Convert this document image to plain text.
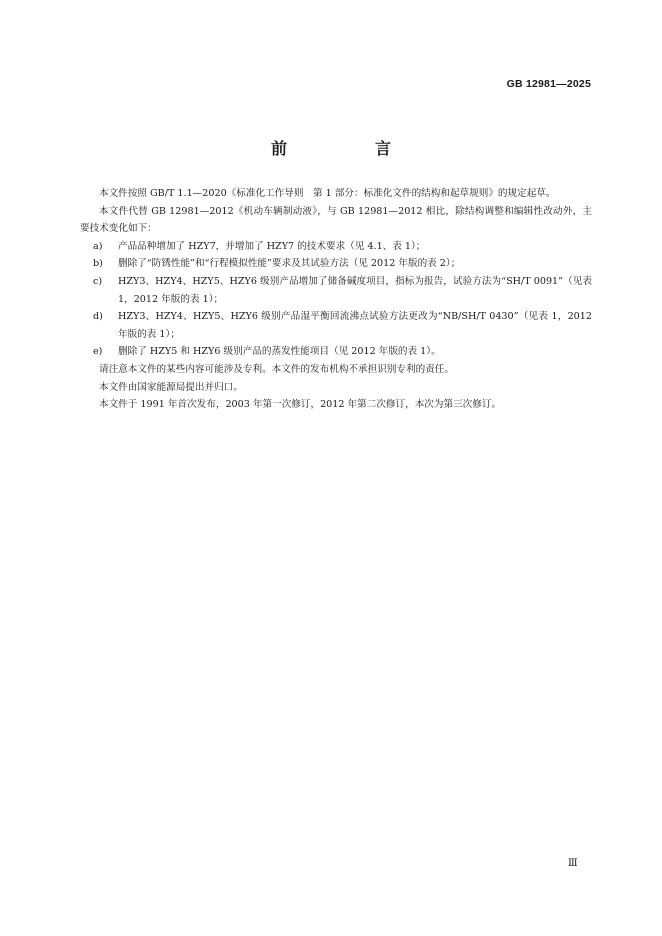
GB 12981—2025
前　言

本文件按照 GB/T 1.1—2020《标准化工作导则　第 1 部分：标准化文件的结构和起草规则》的规定起草。

本文件代替 GB 12981—2012《机动车辆制动液》，与 GB 12981—2012 相比，除结构调整和编辑性改动外，主要技术变化如下：

a)	产品品种增加了 HZY7，并增加了 HZY7 的技术要求（见 4.1、表 1）；
b)	删除了“防锈性能”和“行程模拟性能”要求及其试验方法（见 2012 年版的表 2）；
c)	HZY3、HZY4、HZY5、HZY6 级别产品增加了储备碱度项目，指标为报告，试验方法为“SH/T 0091”（见表 1，2012 年版的表 1）；
d)	HZY3、HZY4、HZY5、HZY6 级别产品湿平衡回流沸点试验方法更改为“NB/SH/T 0430”（见表 1，2012 年版的表 1）；
e)	删除了 HZY5 和 HZY6 级别产品的蒸发性能项目（见 2012 年版的表 1）。

请注意本文件的某些内容可能涉及专利。本文件的发布机构不承担识别专利的责任。

本文件由国家能源局提出并归口。

本文件于 1991 年首次发布，2003 年第一次修订，2012 年第二次修订，本次为第三次修订。

Ⅲ
